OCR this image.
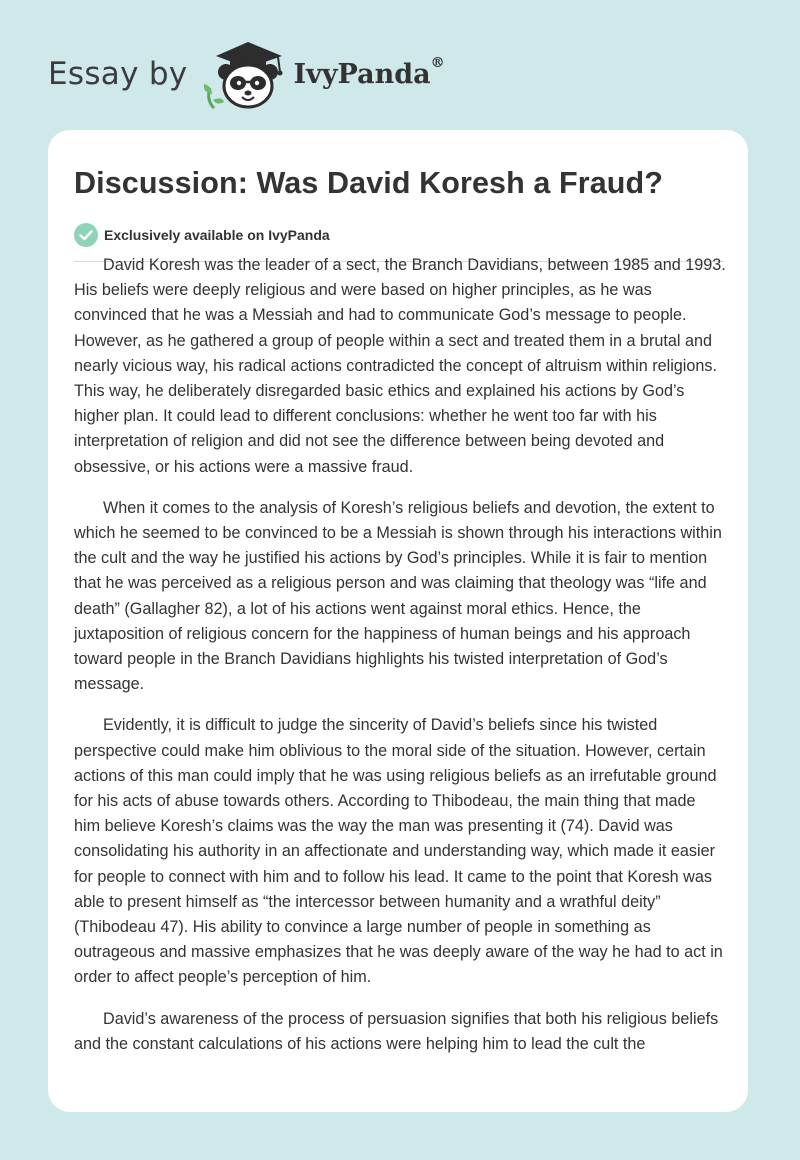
Essay by	IvyPanda®
Discussion: Was David Koresh a Fraud?
Exclusively available on IvyPanda

David Koresh was the leader of a sect, the Branch Davidians, between 1985 and 1993. His beliefs were deeply religious and were based on higher principles, as he was convinced that he was a Messiah and had to communicate God’s message to people. However, as he gathered a group of people within a sect and treated them in a brutal and nearly vicious way, his radical actions contradicted the concept of altruism within religions. This way, he deliberately disregarded basic ethics and explained his actions by God’s higher plan. It could lead to different conclusions: whether he went too far with his interpretation of religion and did not see the difference between being devoted and obsessive, or his actions were a massive fraud.

When it comes to the analysis of Koresh’s religious beliefs and devotion, the extent to which he seemed to be convinced to be a Messiah is shown through his interactions within the cult and the way he justified his actions by God’s principles. While it is fair to mention that he was perceived as a religious person and was claiming that theology was “life and death” (Gallagher 82), a lot of his actions went against moral ethics. Hence, the juxtaposition of religious concern for the happiness of human beings and his approach toward people in the Branch Davidians highlights his twisted interpretation of God’s message.

Evidently, it is difficult to judge the sincerity of David’s beliefs since his twisted perspective could make him oblivious to the moral side of the situation. However, certain actions of this man could imply that he was using religious beliefs as an irrefutable ground for his acts of abuse towards others. According to Thibodeau, the main thing that made him believe Koresh’s claims was the way the man was presenting it (74). David was consolidating his authority in an affectionate and understanding way, which made it easier for people to connect with him and to follow his lead. It came to the point that Koresh was able to present himself as “the intercessor between humanity and a wrathful deity” (Thibodeau 47). His ability to convince a large number of people in something as outrageous and massive emphasizes that he was deeply aware of the way he had to act in order to affect people’s perception of him.

David’s awareness of the process of persuasion signifies that both his religious beliefs and the constant calculations of his actions were helping him to lead the cult the
